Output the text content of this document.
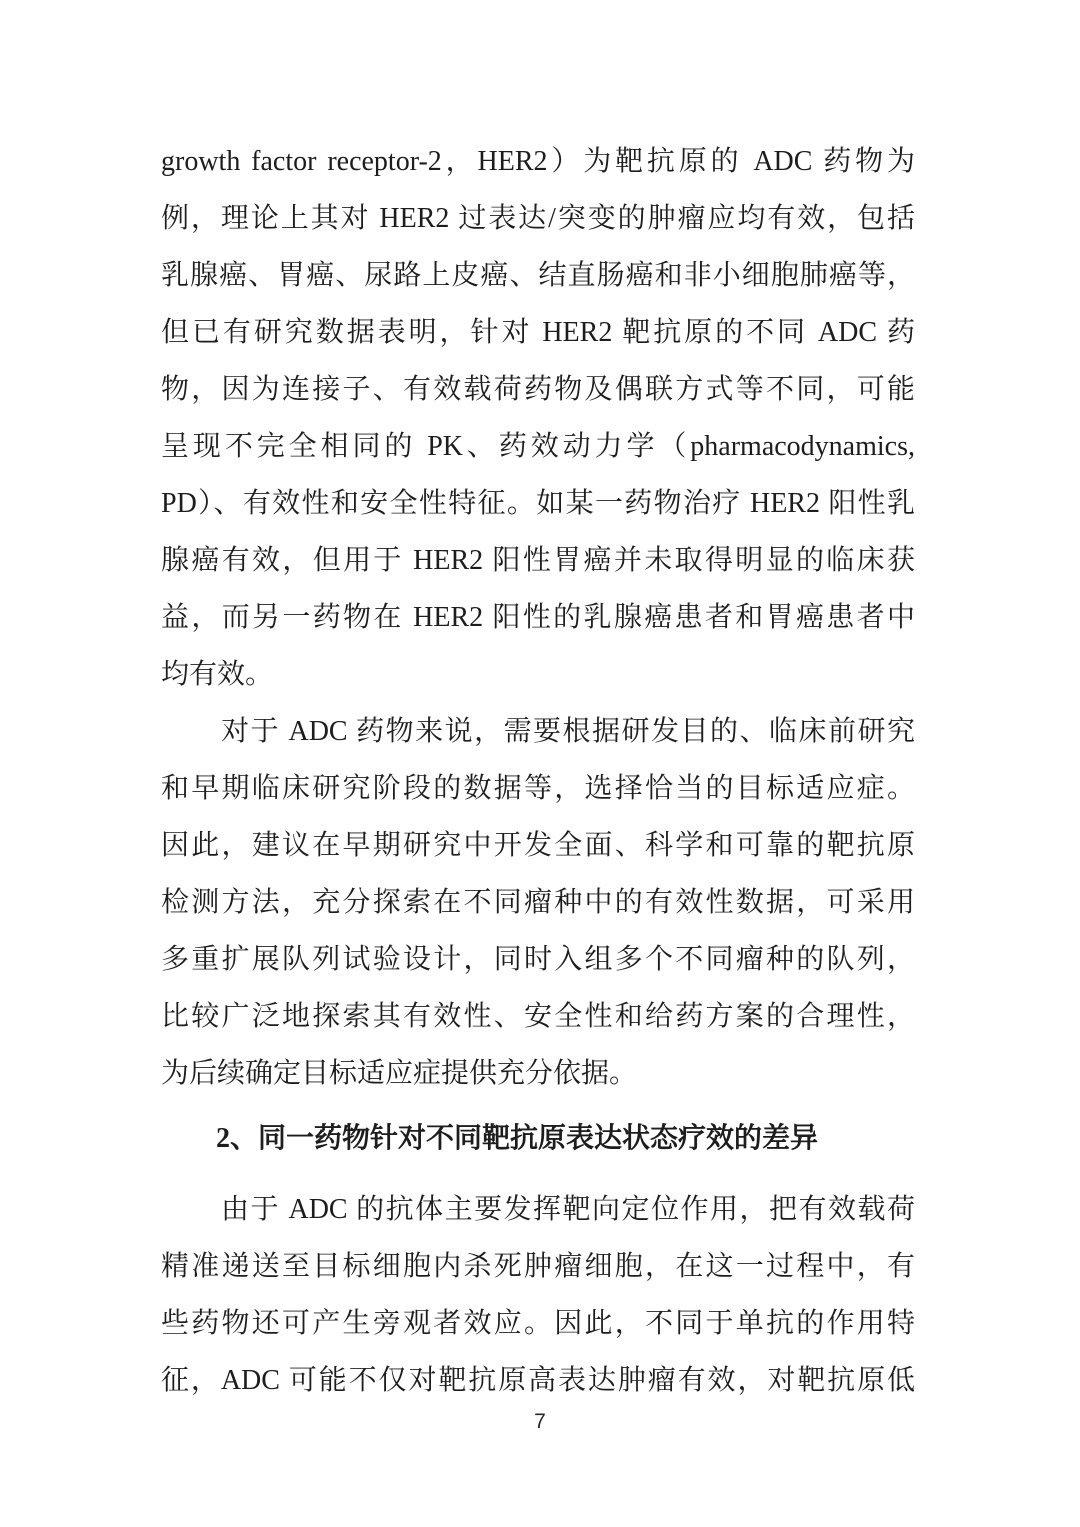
growth factor receptor-2，HER2）为靶抗原的 ADC 药物为
例，理论上其对 HER2 过表达/突变的肿瘤应均有效，包括
乳腺癌、胃癌、尿路上皮癌、结直肠癌和非小细胞肺癌等，
但已有研究数据表明，针对 HER2 靶抗原的不同 ADC 药
物，因为连接子、有效载荷药物及偶联方式等不同，可能
呈现不完全相同的 PK、药效动力学（pharmacodynamics,
PD）、有效性和安全性特征。如某一药物治疗 HER2 阳性乳
腺癌有效，但用于 HER2 阳性胃癌并未取得明显的临床获
益，而另一药物在 HER2 阳性的乳腺癌患者和胃癌患者中
均有效。
对于 ADC 药物来说，需要根据研发目的、临床前研究
和早期临床研究阶段的数据等，选择恰当的目标适应症。
因此，建议在早期研究中开发全面、科学和可靠的靶抗原
检测方法，充分探索在不同瘤种中的有效性数据，可采用
多重扩展队列试验设计，同时入组多个不同瘤种的队列，
比较广泛地探索其有效性、安全性和给药方案的合理性，
为后续确定目标适应症提供充分依据。
2、同一药物针对不同靶抗原表达状态疗效的差异
由于 ADC 的抗体主要发挥靶向定位作用，把有效载荷
精准递送至目标细胞内杀死肿瘤细胞，在这一过程中，有
些药物还可产生旁观者效应。因此，不同于单抗的作用特
征，ADC 可能不仅对靶抗原高表达肿瘤有效，对靶抗原低
7
